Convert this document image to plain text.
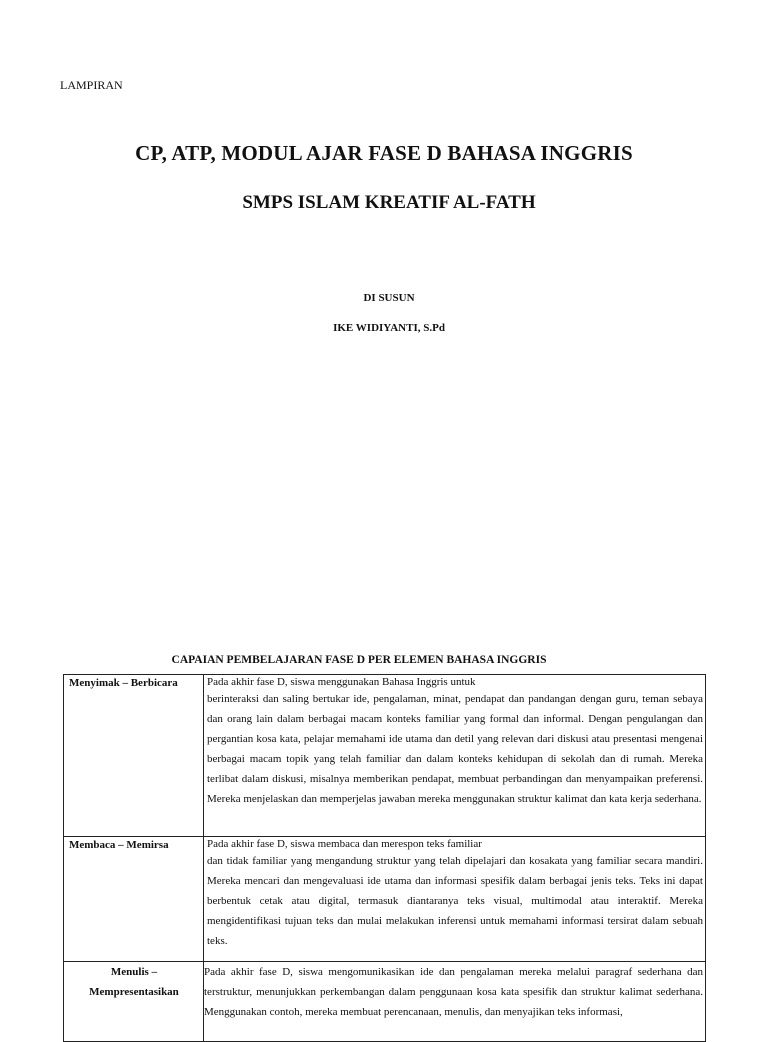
LAMPIRAN
CP, ATP, MODUL AJAR FASE D BAHASA INGGRIS
SMPS ISLAM KREATIF AL-FATH
DI SUSUN
IKE WIDIYANTI, S.Pd
CAPAIAN PEMBELAJARAN FASE D PER ELEMEN BAHASA INGGRIS
Menyimak – Berbicara	Pada akhir fase D, siswa menggunakan Bahasa Inggris untuk
berinteraksi dan saling bertukar ide, pengalaman, minat, pendapat dan pandangan dengan guru, teman sebaya dan orang lain dalam berbagai macam konteks familiar yang formal dan informal. Dengan pengulangan dan pergantian kosa kata, pelajar memahami ide utama dan detil yang relevan dari diskusi atau presentasi mengenai berbagai macam topik yang telah familiar dan dalam konteks kehidupan di sekolah dan di rumah. Mereka terlibat dalam diskusi, misalnya memberikan pendapat, membuat perbandingan dan menyampaikan preferensi. Mereka menjelaskan dan memperjelas jawaban mereka menggunakan struktur kalimat dan kata kerja sederhana.
Membaca – Memirsa	Pada akhir fase D, siswa membaca dan merespon teks familiar
dan tidak familiar yang mengandung struktur yang telah dipelajari dan kosakata yang familiar secara mandiri. Mereka mencari dan mengevaluasi ide utama dan informasi spesifik dalam berbagai jenis teks. Teks ini dapat berbentuk cetak atau digital, termasuk diantaranya teks visual, multimodal atau interaktif. Mereka mengidentifikasi tujuan teks dan mulai melakukan inferensi untuk memahami informasi tersirat dalam sebuah teks.

Menulis –
Mempresentasikan	Pada akhir fase D, siswa mengomunikasikan ide dan pengalaman mereka melalui paragraf sederhana dan terstruktur, menunjukkan perkembangan dalam penggunaan kosa kata spesifik dan struktur kalimat sederhana. Menggunakan contoh, mereka membuat perencanaan, menulis, dan menyajikan teks informasi,
